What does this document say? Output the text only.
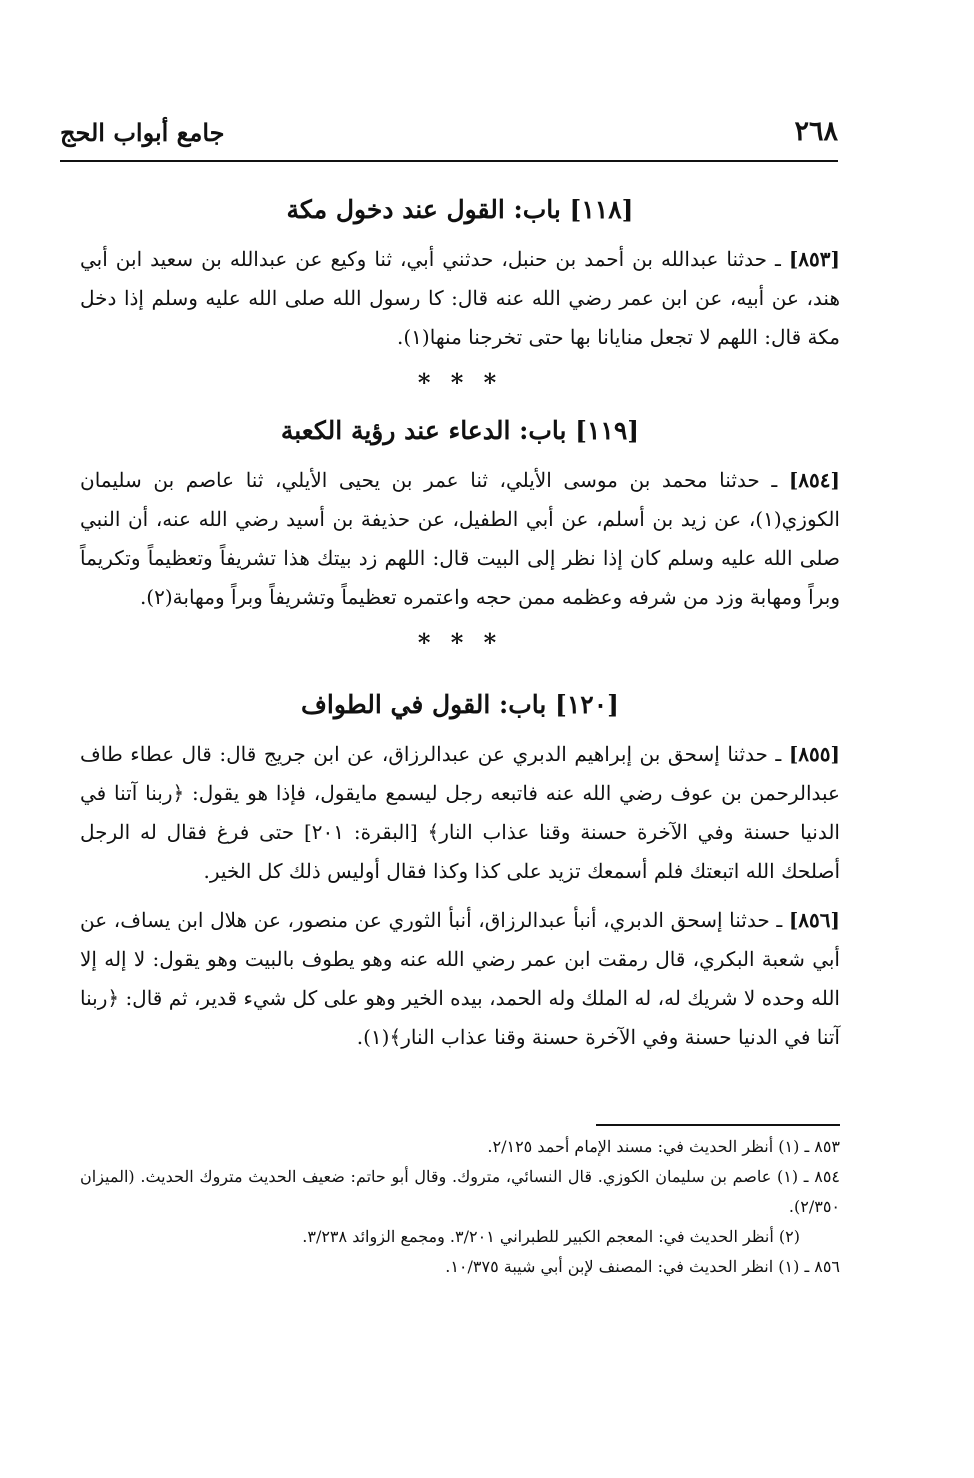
٢٦٨
جامع أبواب الحج
[١١٨] باب: القول عند دخول مكة

[٨٥٣] ـ حدثنا عبدالله بن أحمد بن حنبل، حدثني أبي، ثنا وكيع عن عبدالله بن سعيد ابن أبي هند، عن أبيه، عن ابن عمر رضي الله عنه قال: كا رسول الله صلى الله عليه وسلم إذا دخل مكة قال: اللهم لا تجعل منايانا بها حتى تخرجنا منها(١).

* * *
[١١٩] باب: الدعاء عند رؤية الكعبة

[٨٥٤] ـ حدثنا محمد بن موسى الأيلي، ثنا عمر بن يحيى الأيلي، ثنا عاصم بن سليمان الكوزي(١)، عن زيد بن أسلم، عن أبي الطفيل، عن حذيفة بن أسيد رضي الله عنه، أن النبي صلى الله عليه وسلم كان إذا نظر إلى البيت قال: اللهم زد بيتك هذا تشريفاً وتعظيماً وتكريماً وبراً ومهابة وزد من شرفه وعظمه ممن حجه واعتمره تعظيماً وتشريفاً وبراً ومهابة(٢).

* * *
[١٢٠] باب: القول في الطواف

[٨٥٥] ـ حدثنا إسحق بن إبراهيم الدبري عن عبدالرزاق، عن ابن جريج قال: قال عطاء طاف عبدالرحمن بن عوف رضي الله عنه فاتبعه رجل ليسمع مايقول، فإذا هو يقول: ﴿ربنا آتنا في الدنيا حسنة وفي الآخرة حسنة وقنا عذاب النار﴾ [البقرة: ٢٠١] حتى فرغ فقال له الرجل أصلحك الله اتبعتك فلم أسمعك تزيد على كذا وكذا فقال أوليس ذلك كل الخير.

[٨٥٦] ـ حدثنا إسحق الدبري، أنبأ عبدالرزاق، أنبأ الثوري عن منصور، عن هلال ابن يساف، عن أبي شعبة البكري، قال رمقت ابن عمر رضي الله عنه وهو يطوف بالبيت وهو يقول: لا إله إلا الله وحده لا شريك له، له الملك وله الحمد، بيده الخير وهو على كل شيء قدير، ثم قال: ﴿ربنا آتنا في الدنيا حسنة وفي الآخرة حسنة وقنا عذاب النار﴾(١).

٨٥٣ ـ (١) أنظر الحديث في: مسند الإمام أحمد ٢/١٢٥.

٨٥٤ ـ (١) عاصم بن سليمان الكوزي. قال النسائي، متروك. وقال أبو حاتم: ضعيف الحديث متروك الحديث. (الميزان ٢/٣٥٠).

(٢) أنظر الحديث في: المعجم الكبير للطبراني ٣/٢٠١. ومجمع الزوائد ٣/٢٣٨.

٨٥٦ ـ (١) انظر الحديث في: المصنف لإبن أبي شيبة ١٠/٣٧٥.
